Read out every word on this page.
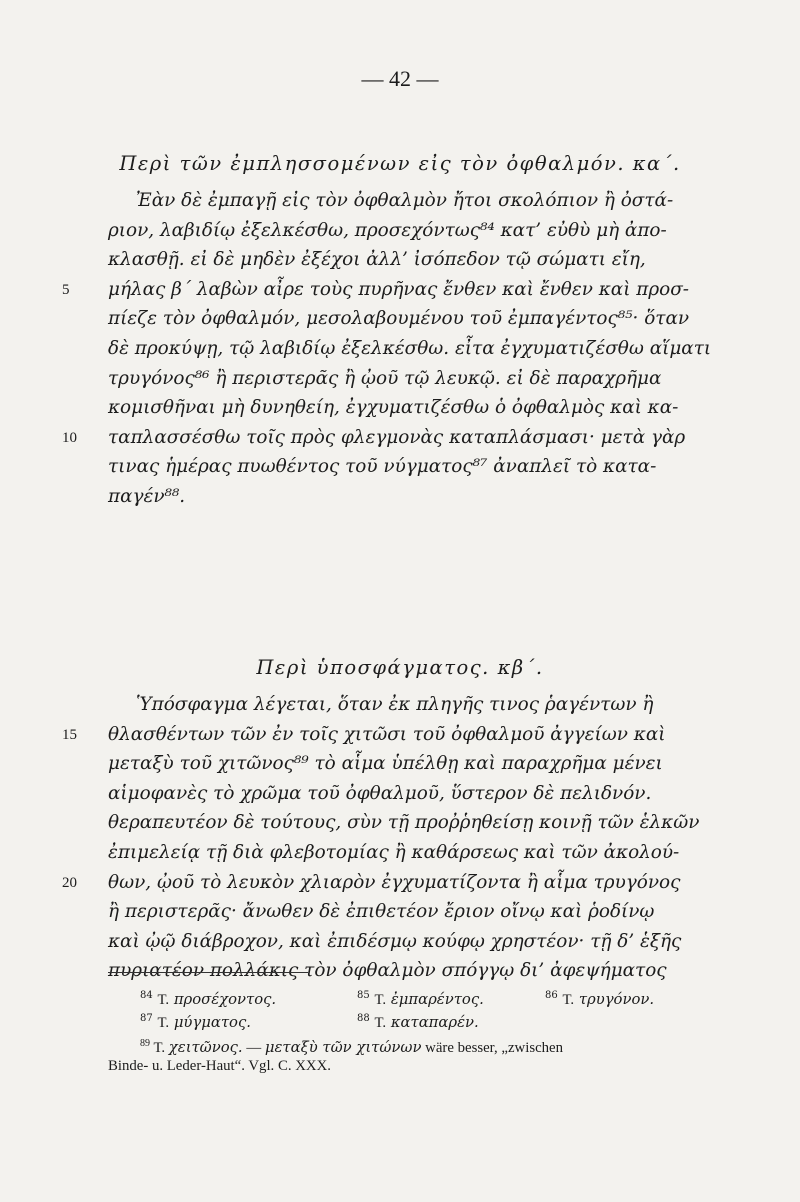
— 42 —
Περὶ τῶν ἐμπλησσομένων εἰς τὸν ὀφθαλμόν. κα΄.
Ἐὰν δὲ ἐμπαγῇ εἰς τὸν ὀφθαλμὸν ἤτοι σκολόπιον ἢ ὀστά-
ριον, λαβιδίῳ ἐξελκέσθω, προσεχόντως⁸⁴ κατ’ εὐθὺ μὴ ἀπο-
κλασθῇ. εἰ δὲ μηδὲν ἐξέχοι ἀλλ’ ἰσόπεδον τῷ σώματι εἴη,
5	μήλας β΄ λαβὼν αἶρε τοὺς πυρῆνας ἔνθεν καὶ ἔνθεν καὶ προσ-
πίεζε τὸν ὀφθαλμόν, μεσολαβουμένου τοῦ ἐμπαγέντος⁸⁵· ὅταν
δὲ προκύψῃ, τῷ λαβιδίῳ ἐξελκέσθω. εἶτα ἐγχυματιζέσθω αἵματι
τρυγόνος⁸⁶ ἢ περιστερᾶς ἢ ᾠοῦ τῷ λευκῷ. εἰ δὲ παραχρῆμα
κομισθῆναι μὴ δυνηθείη, ἐγχυματιζέσθω ὁ ὀφθαλμὸς καὶ κα-
10	ταπλασσέσθω τοῖς πρὸς φλεγμονὰς καταπλάσμασι· μετὰ γὰρ
τινας ἡμέρας πυωθέντος τοῦ νύγματος⁸⁷ ἀναπλεῖ τὸ κατα-
παγέν⁸⁸.
Περὶ ὑποσφάγματος. κβ΄.
Ὑπόσφαγμα λέγεται, ὅταν ἐκ πληγῆς τινος ῥαγέντων ἢ
15	θλασθέντων τῶν ἐν τοῖς χιτῶσι τοῦ ὀφθαλμοῦ ἀγγείων καὶ
μεταξὺ τοῦ χιτῶνος⁸⁹ τὸ αἷμα ὑπέλθῃ καὶ παραχρῆμα μένει
αἱμοφανὲς τὸ χρῶμα τοῦ ὀφθαλμοῦ, ὕστερον δὲ πελιδνόν.
θεραπευτέον δὲ τούτους, σὺν τῇ προῤῥηθείσῃ κοινῇ τῶν ἑλκῶν
ἐπιμελείᾳ τῇ διὰ φλεβοτομίας ἢ καθάρσεως καὶ τῶν ἀκολού-
20	θων, ᾠοῦ τὸ λευκὸν χλιαρὸν ἐγχυματίζοντα ἢ αἷμα τρυγόνος
ἢ περιστερᾶς· ἄνωθεν δὲ ἐπιθετέον ἔριον οἴνῳ καὶ ῥοδίνῳ
καὶ ᾠῷ διάβροχον, καὶ ἐπιδέσμῳ κούφῳ χρηστέον· τῇ δ’ ἑξῆς
πυριατέον πολλάκις τὸν ὀφθαλμὸν σπόγγῳ δι’ ἀφεψήματος
$^{84}$ T. προσέχοντος.	$^{85}$ T. ἐμπαρέντος.	$^{86}$ T. τρυγόνον.
$^{87}$ T. μύγματος.	$^{88}$ T. καταπαρέν.
$^{89}$ T. χειτῶνος. — μεταξὺ τῶν χιτώνων wäre besser, „zwischen
Binde- u. Leder-Haut“. Vgl. C. XXX.
